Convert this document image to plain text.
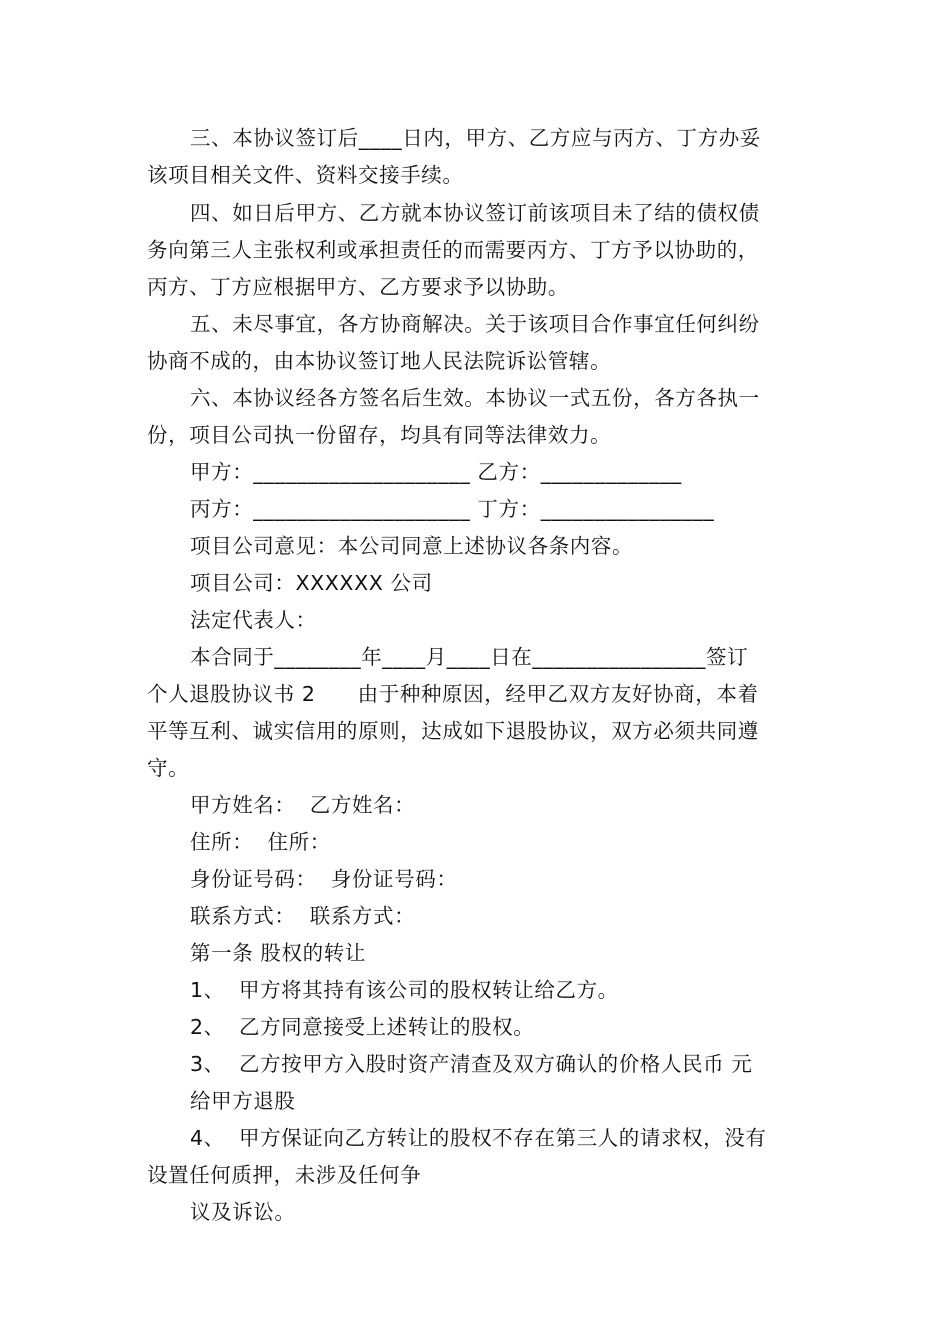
三、本协议签订后____日内，甲方、乙方应与丙方、丁方办妥
该项目相关文件、资料交接手续。
四、如日后甲方、乙方就本协议签订前该项目未了结的债权债
务向第三人主张权利或承担责任的而需要丙方、丁方予以协助的，
丙方、丁方应根据甲方、乙方要求予以协助。
五、未尽事宜，各方协商解决。关于该项目合作事宜任何纠纷
协商不成的，由本协议签订地人民法院诉讼管辖。
六、本协议经各方签名后生效。本协议一式五份，各方各执一
份，项目公司执一份留存，均具有同等法律效力。
甲方：____________________ 乙方：_____________
丙方：____________________ 丁方：________________
项目公司意见：本公司同意上述协议各条内容。
项目公司：XXXXXX 公司
法定代表人：
本合同于________年____月____日在________________签订
个人退股协议书 2　　由于种种原因，经甲乙双方友好协商，本着
平等互利、诚实信用的原则，达成如下退股协议，双方必须共同遵
守。
甲方姓名：  乙方姓名：
住所：  住所：
身份证号码：  身份证号码：
联系方式：  联系方式：
第一条 股权的转让
1、  甲方将其持有该公司的股权转让给乙方。
2、  乙方同意接受上述转让的股权。
3、  乙方按甲方入股时资产清查及双方确认的价格人民币 元
给甲方退股
4、  甲方保证向乙方转让的股权不存在第三人的请求权，没有
设置任何质押，未涉及任何争
议及诉讼。
